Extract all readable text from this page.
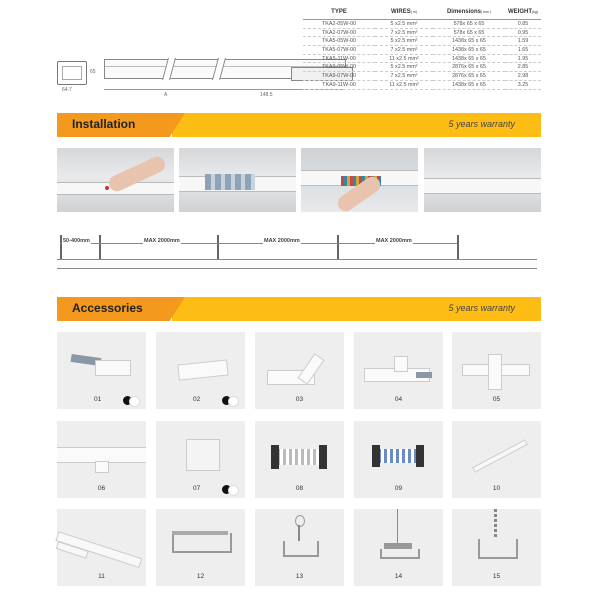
65
64.7
A	148.5
TYPE	WIRES( m)	Dimensions( mm )	WEIGHT(kg)
TKA2-05W-00	5 x2.5 mm²	578x 65 x 65	0.85
TKA2-07W-00	7 x2.5 mm²	578x 65 x 65	0.95
TKA5-05W-00	5 x2.5 mm²	1438x 65 x 65	1.59
TKA5-07W-00	7 x2.5 mm²	1438x 65 x 65	1.65
TKA5-11W-00	11 x2.5 mm²	1438x 65 x 65	1.95
TKA9-05W-00	5 x2.5 mm²	2876x 65 x 65	2.85
TKA9-07W-00	7 x2.5 mm²	2876x 65 x 65	2.98
TKA9-11W-00	11 x2.5 mm²	1438x 65 x 65	3.25
Installation	5 years warranty
50-400mm	MAX 2000mm	MAX 2000mm	MAX 2000mm
Accessories	5 years warranty
01	02	03	04	05
06	07	08	09	10
11	12	13	14	15
